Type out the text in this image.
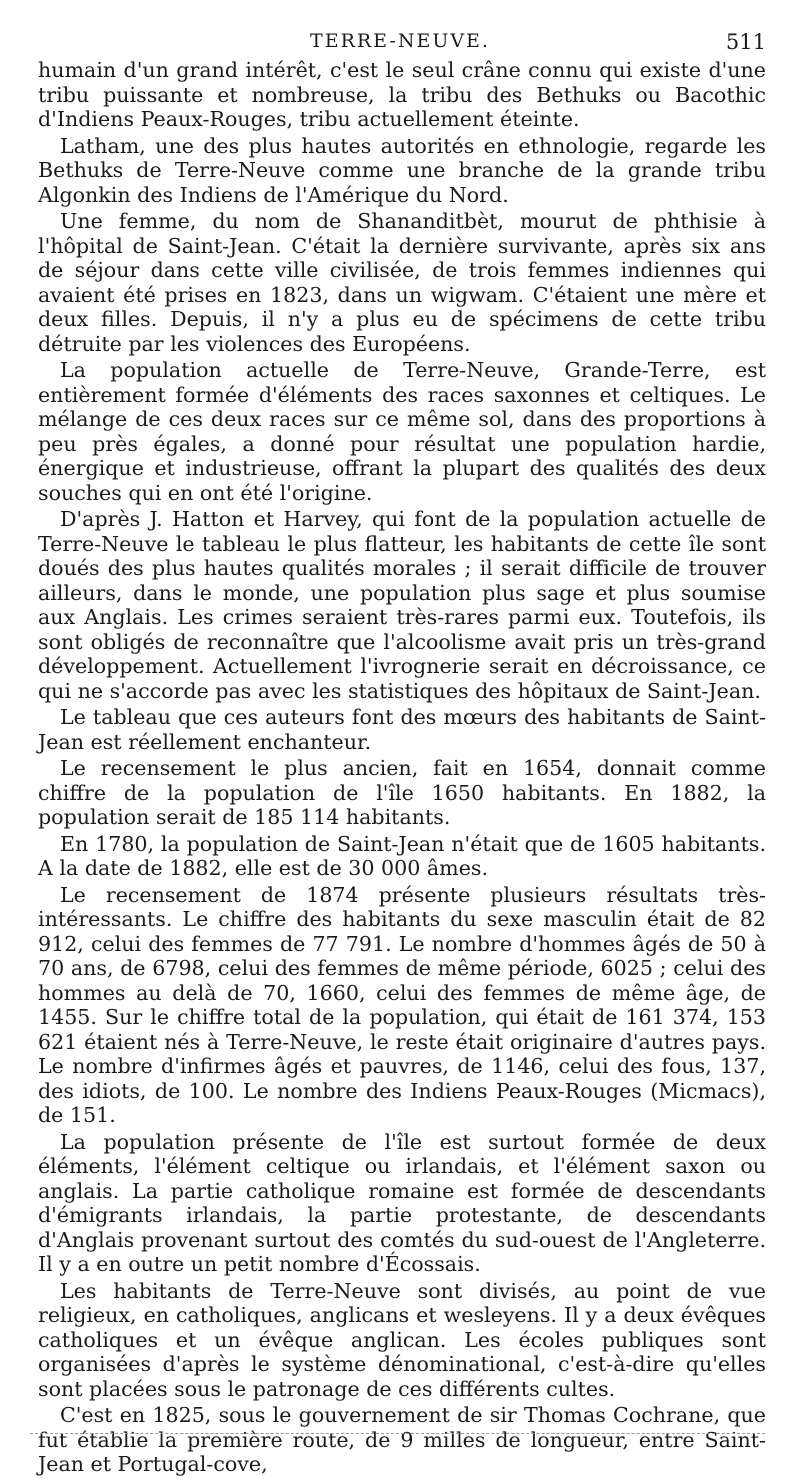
TERRE-NEUVE.	511

humain d'un grand intérêt, c'est le seul crâne connu qui existe d'une tribu puissante et nombreuse, la tribu des Bethuks ou Bacothic d'Indiens Peaux-Rouges, tribu actuellement éteinte.

Latham, une des plus hautes autorités en ethnologie, regarde les Bethuks de Terre-Neuve comme une branche de la grande tribu Algonkin des Indiens de l'Amérique du Nord.

Une femme, du nom de Shananditbèt, mourut de phthisie à l'hôpital de Saint-Jean. C'était la dernière survivante, après six ans de séjour dans cette ville civilisée, de trois femmes indiennes qui avaient été prises en 1823, dans un wigwam. C'étaient une mère et deux filles. Depuis, il n'y a plus eu de spécimens de cette tribu détruite par les violences des Européens.

La population actuelle de Terre-Neuve, Grande-Terre, est entièrement formée d'éléments des races saxonnes et celtiques. Le mélange de ces deux races sur ce même sol, dans des proportions à peu près égales, a donné pour résultat une population hardie, énergique et industrieuse, offrant la plupart des qualités des deux souches qui en ont été l'origine.

D'après J. Hatton et Harvey, qui font de la population actuelle de Terre-Neuve le tableau le plus flatteur, les habitants de cette île sont doués des plus hautes qualités morales ; il serait difficile de trouver ailleurs, dans le monde, une population plus sage et plus soumise aux Anglais. Les crimes seraient très-rares parmi eux. Toutefois, ils sont obligés de reconnaître que l'alcoolisme avait pris un très-grand développement. Actuellement l'ivrognerie serait en décroissance, ce qui ne s'accorde pas avec les statistiques des hôpitaux de Saint-Jean.

Le tableau que ces auteurs font des mœurs des habitants de Saint-Jean est réellement enchanteur.

Le recensement le plus ancien, fait en 1654, donnait comme chiffre de la population de l'île 1650 habitants. En 1882, la population serait de 185 114 habitants.

En 1780, la population de Saint-Jean n'était que de 1605 habitants. A la date de 1882, elle est de 30 000 âmes.

Le recensement de 1874 présente plusieurs résultats très-intéressants. Le chiffre des habitants du sexe masculin était de 82 912, celui des femmes de 77 791. Le nombre d'hommes âgés de 50 à 70 ans, de 6798, celui des femmes de même période, 6025 ; celui des hommes au delà de 70, 1660, celui des femmes de même âge, de 1455. Sur le chiffre total de la population, qui était de 161 374, 153 621 étaient nés à Terre-Neuve, le reste était originaire d'autres pays. Le nombre d'infirmes âgés et pauvres, de 1146, celui des fous, 137, des idiots, de 100. Le nombre des Indiens Peaux-Rouges (Micmacs), de 151.

La population présente de l'île est surtout formée de deux éléments, l'élément celtique ou irlandais, et l'élément saxon ou anglais. La partie catholique romaine est formée de descendants d'émigrants irlandais, la partie protestante, de descendants d'Anglais provenant surtout des comtés du sud-ouest de l'Angleterre. Il y a en outre un petit nombre d'Écossais.

Les habitants de Terre-Neuve sont divisés, au point de vue religieux, en catholiques, anglicans et wesleyens. Il y a deux évêques catholiques et un évêque anglican. Les écoles publiques sont organisées d'après le système dénominational, c'est-à-dire qu'elles sont placées sous le patronage de ces différents cultes.

C'est en 1825, sous le gouvernement de sir Thomas Cochrane, que fut établie la première route, de 9 milles de longueur, entre Saint-Jean et Portugal-cove,
